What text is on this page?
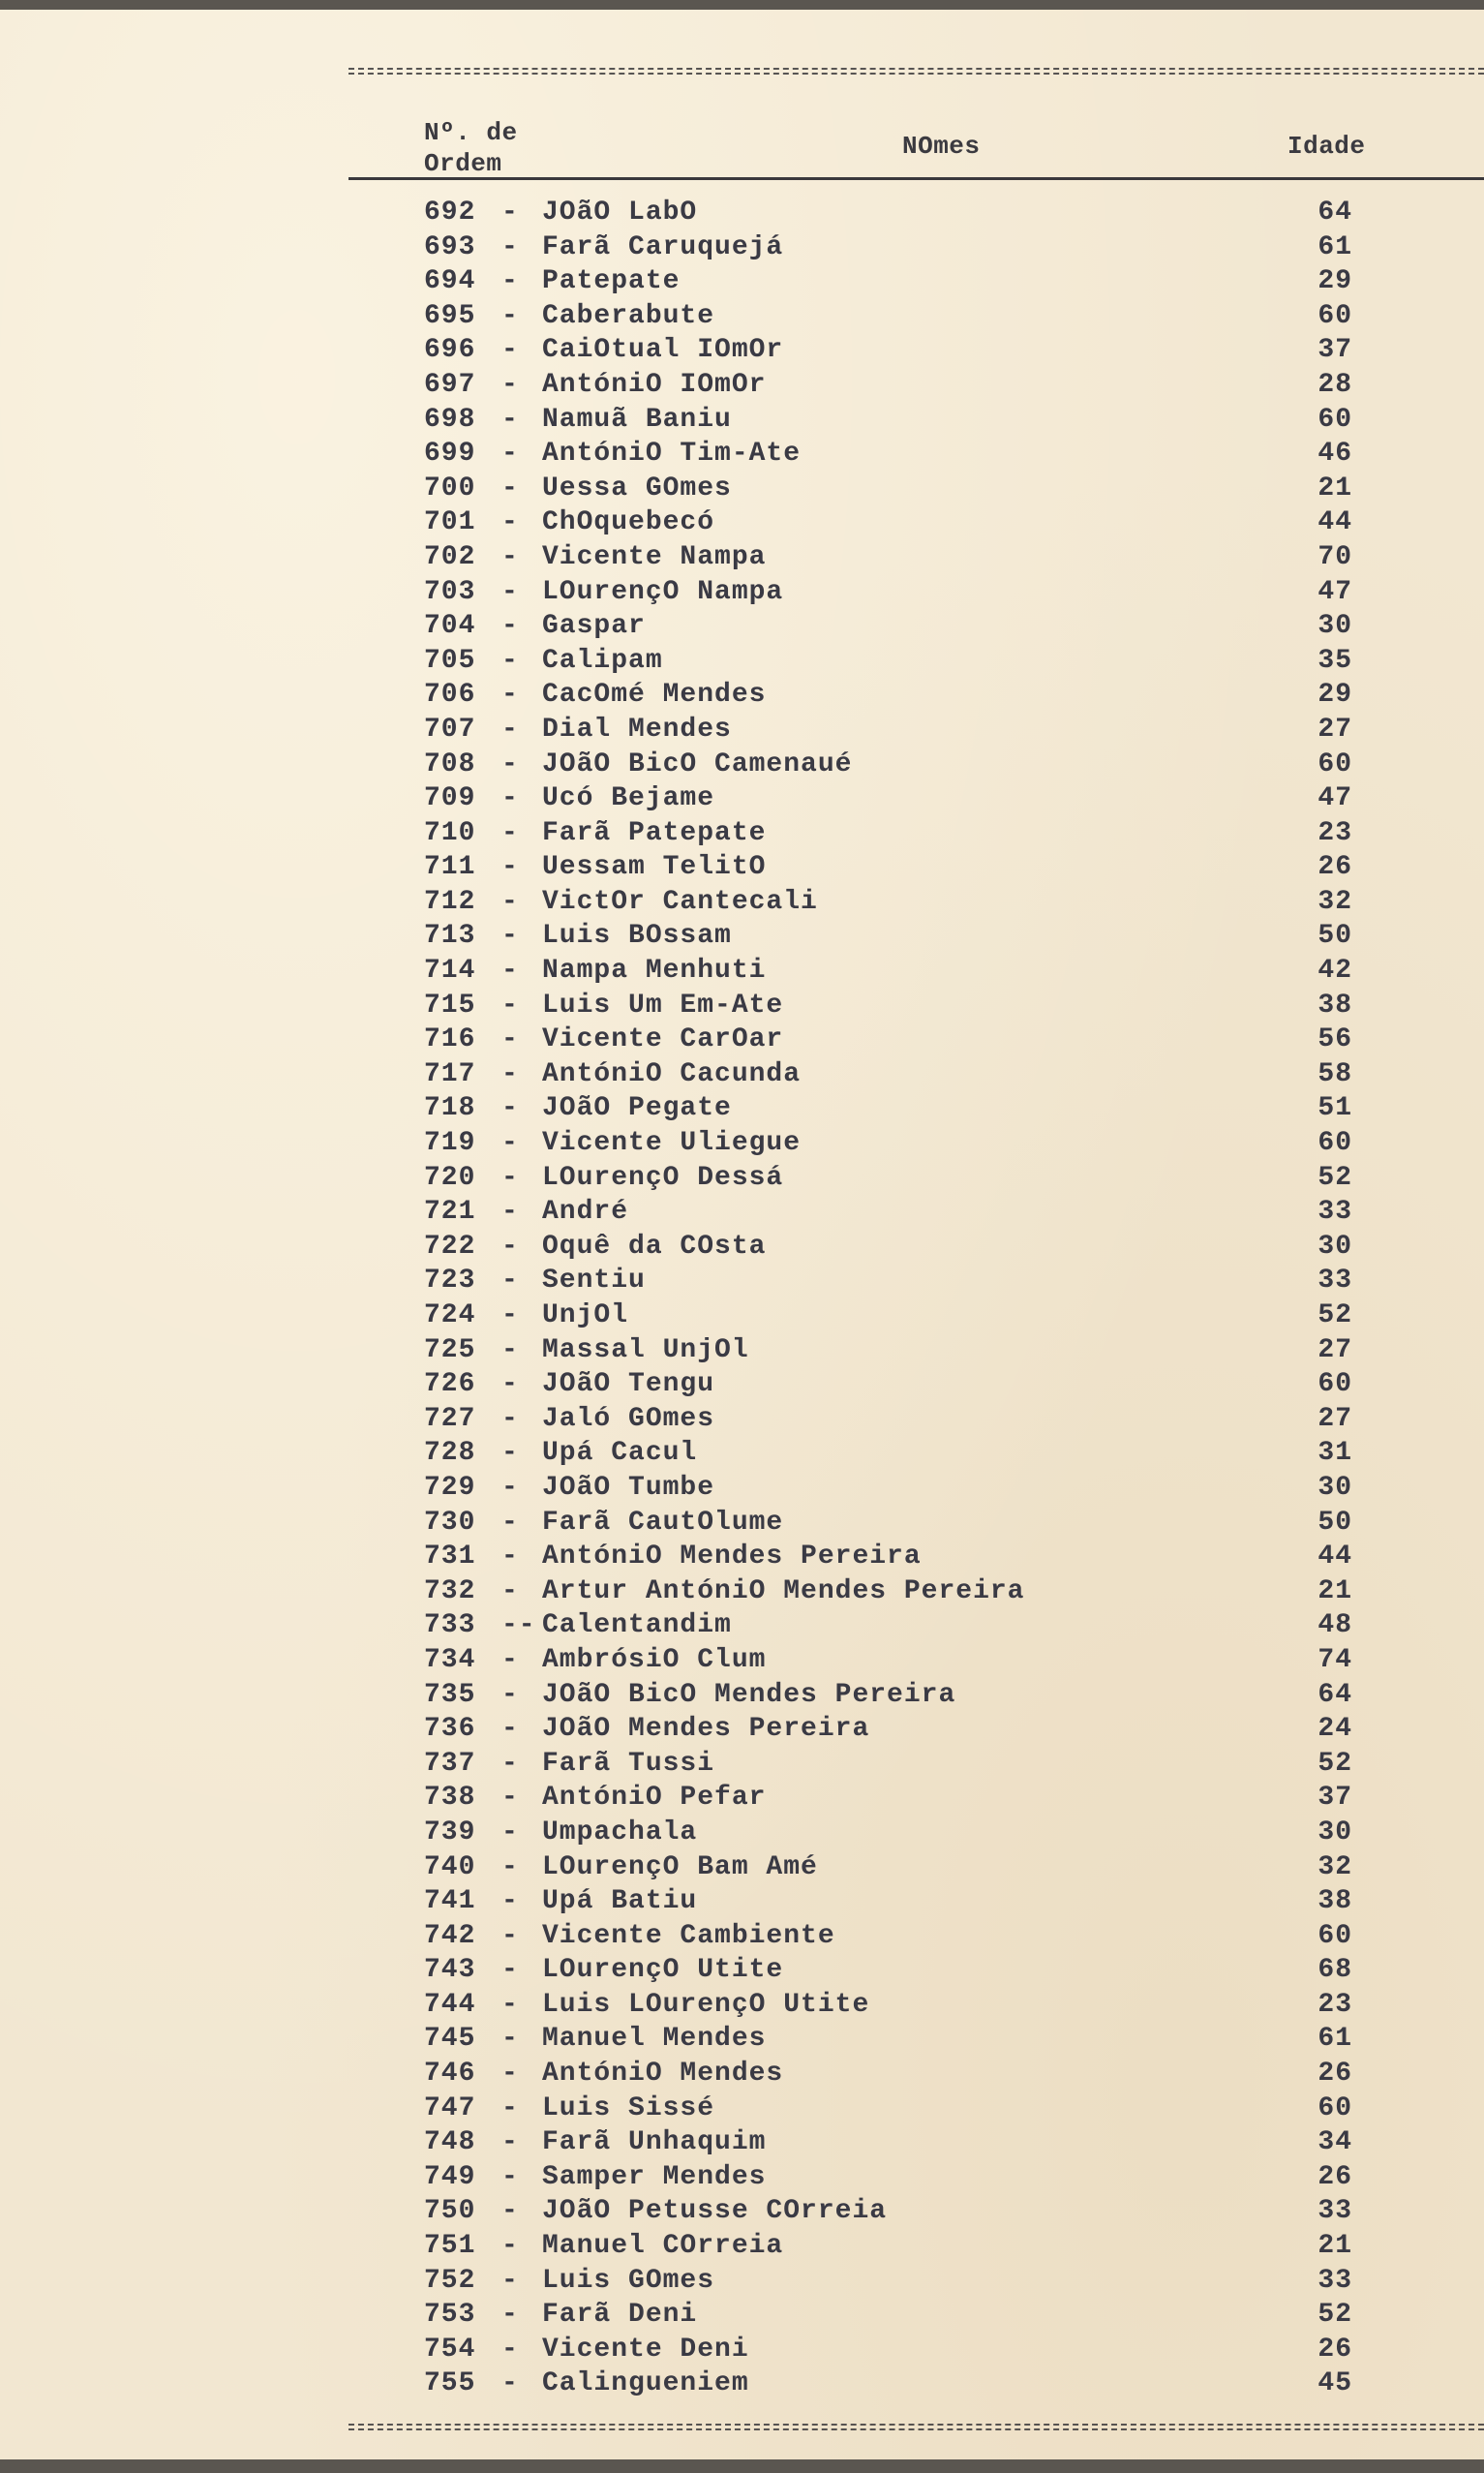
Nº. de
Ordem
NOmes	Idade
692 - JOãO LabO	64
693 - Farã Caruquejá	61
694 - Patepate	29
695 - Caberabute	60
696 - CaiOtual IOmOr	37
697 - AntóniO IOmOr	28
698 - Namuã Baniu	60
699 - AntóniO Tim-Ate	46
700 - Uessa GOmes	21
701 - ChOquebecó	44
702 - Vicente Nampa	70
703 - LOurençO Nampa	47
704 - Gaspar	30
705 - Calipam	35
706 - CacOmé Mendes	29
707 - Dial Mendes	27
708 - JOãO BicO Camenaué	60
709 - Ucó Bejame	47
710 - Farã Patepate	23
711 - Uessam TelitO	26
712 - VictOr Cantecali	32
713 - Luis BOssam	50
714 - Nampa Menhuti	42
715 - Luis Um Em-Ate	38
716 - Vicente CarOar	56
717 - AntóniO Cacunda	58
718 - JOãO Pegate	51
719 - Vicente Uliegue	60
720 - LOurençO Dessá	52
721 - André	33
722 - Oquê da COsta	30
723 - Sentiu	33
724 - UnjOl	52
725 - Massal UnjOl	27
726 - JOãO Tengu	60
727 - Jaló GOmes	27
728 - Upá Cacul	31
729 - JOãO Tumbe	30
730 - Farã CautOlume	50
731 - AntóniO Mendes Pereira	44
732 - Artur AntóniO Mendes Pereira	21
733 -- Calentandim	48
734 - AmbrósiO Clum	74
735 - JOãO BicO Mendes Pereira	64
736 - JOãO Mendes Pereira	24
737 - Farã Tussi	52
738 - AntóniO Pefar	37
739 - Umpachala	30
740 - LOurençO Bam Amé	32
741 - Upá Batiu	38
742 - Vicente Cambiente	60
743 - LOurençO Utite	68
744 - Luis LOurençO Utite	23
745 - Manuel Mendes	61
746 - AntóniO Mendes	26
747 - Luis Sissé	60
748 - Farã Unhaquim	34
749 - Samper Mendes	26
750 - JOãO Petusse COrreia	33
751 - Manuel COrreia	21
752 - Luis GOmes	33
753 - Farã Deni	52
754 - Vicente Deni	26
755 - Calingueniem	45
